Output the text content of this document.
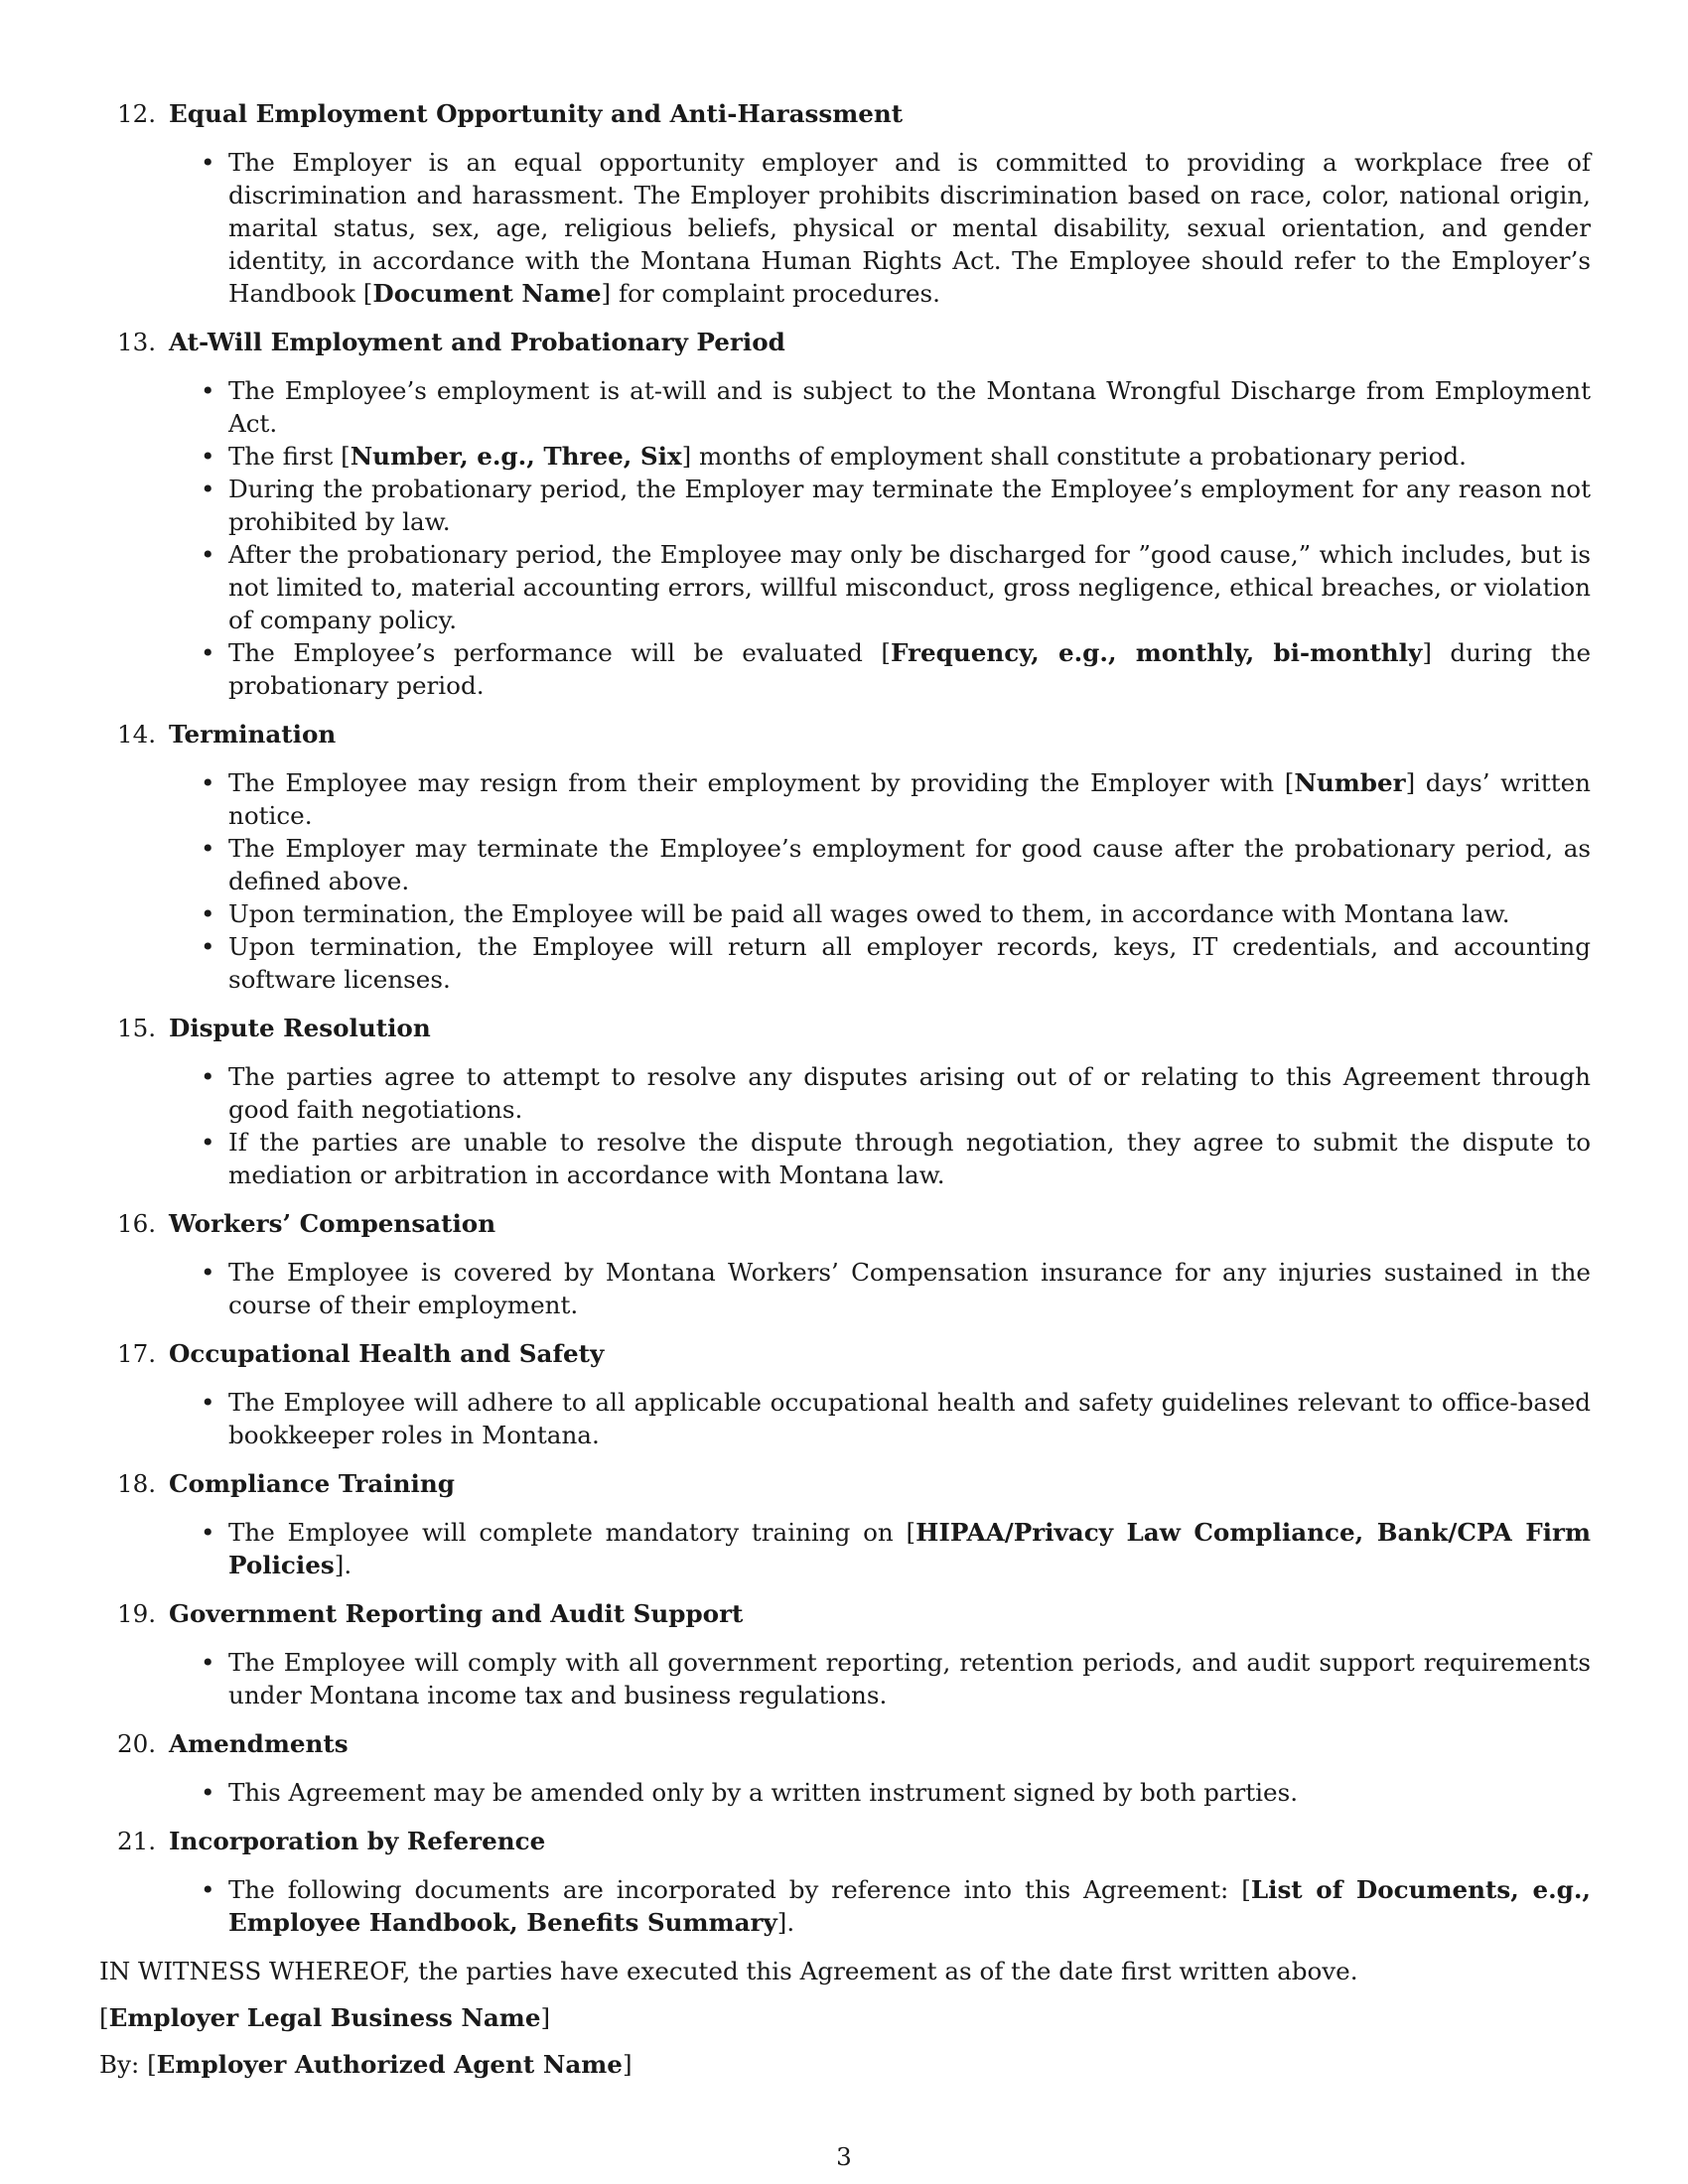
12. Equal Employment Opportunity and Anti-Harassment
• The Employer is an equal opportunity employer and is committed to providing a workplace free of discrimination and harassment. The Employer prohibits discrimination based on race, color, national origin, marital status, sex, age, religious beliefs, physical or mental disability, sexual orientation, and gender identity, in accordance with the Montana Human Rights Act. The Employee should refer to the Employer’s Handbook [Document Name] for complaint procedures.
13. At-Will Employment and Probationary Period
• The Employee’s employment is at-will and is subject to the Montana Wrongful Discharge from Employment Act.
• The first [Number, e.g., Three, Six] months of employment shall constitute a probationary period.
• During the probationary period, the Employer may terminate the Employee’s employment for any reason not prohibited by law.
• After the probationary period, the Employee may only be discharged for ”good cause,” which includes, but is not limited to, material accounting errors, willful misconduct, gross negligence, ethical breaches, or violation of company policy.
• The Employee’s performance will be evaluated [Frequency, e.g., monthly, bi-monthly] during the probationary period.
14. Termination
• The Employee may resign from their employment by providing the Employer with [Number] days’ written notice.
• The Employer may terminate the Employee’s employment for good cause after the probationary period, as defined above.
• Upon termination, the Employee will be paid all wages owed to them, in accordance with Montana law.
• Upon termination, the Employee will return all employer records, keys, IT credentials, and accounting software licenses.
15. Dispute Resolution
• The parties agree to attempt to resolve any disputes arising out of or relating to this Agreement through good faith negotiations.
• If the parties are unable to resolve the dispute through negotiation, they agree to submit the dispute to mediation or arbitration in accordance with Montana law.
16. Workers’ Compensation
• The Employee is covered by Montana Workers’ Compensation insurance for any injuries sustained in the course of their employment.
17. Occupational Health and Safety
• The Employee will adhere to all applicable occupational health and safety guidelines relevant to office-based bookkeeper roles in Montana.
18. Compliance Training
• The Employee will complete mandatory training on [HIPAA/Privacy Law Compliance, Bank/CPA Firm Policies].
19. Government Reporting and Audit Support
• The Employee will comply with all government reporting, retention periods, and audit support requirements under Montana income tax and business regulations.
20. Amendments
• This Agreement may be amended only by a written instrument signed by both parties.
21. Incorporation by Reference
• The following documents are incorporated by reference into this Agreement: [List of Documents, e.g., Employee Handbook, Benefits Summary].

IN WITNESS WHEREOF, the parties have executed this Agreement as of the date first written above.

[Employer Legal Business Name]

By: [Employer Authorized Agent Name]

3
